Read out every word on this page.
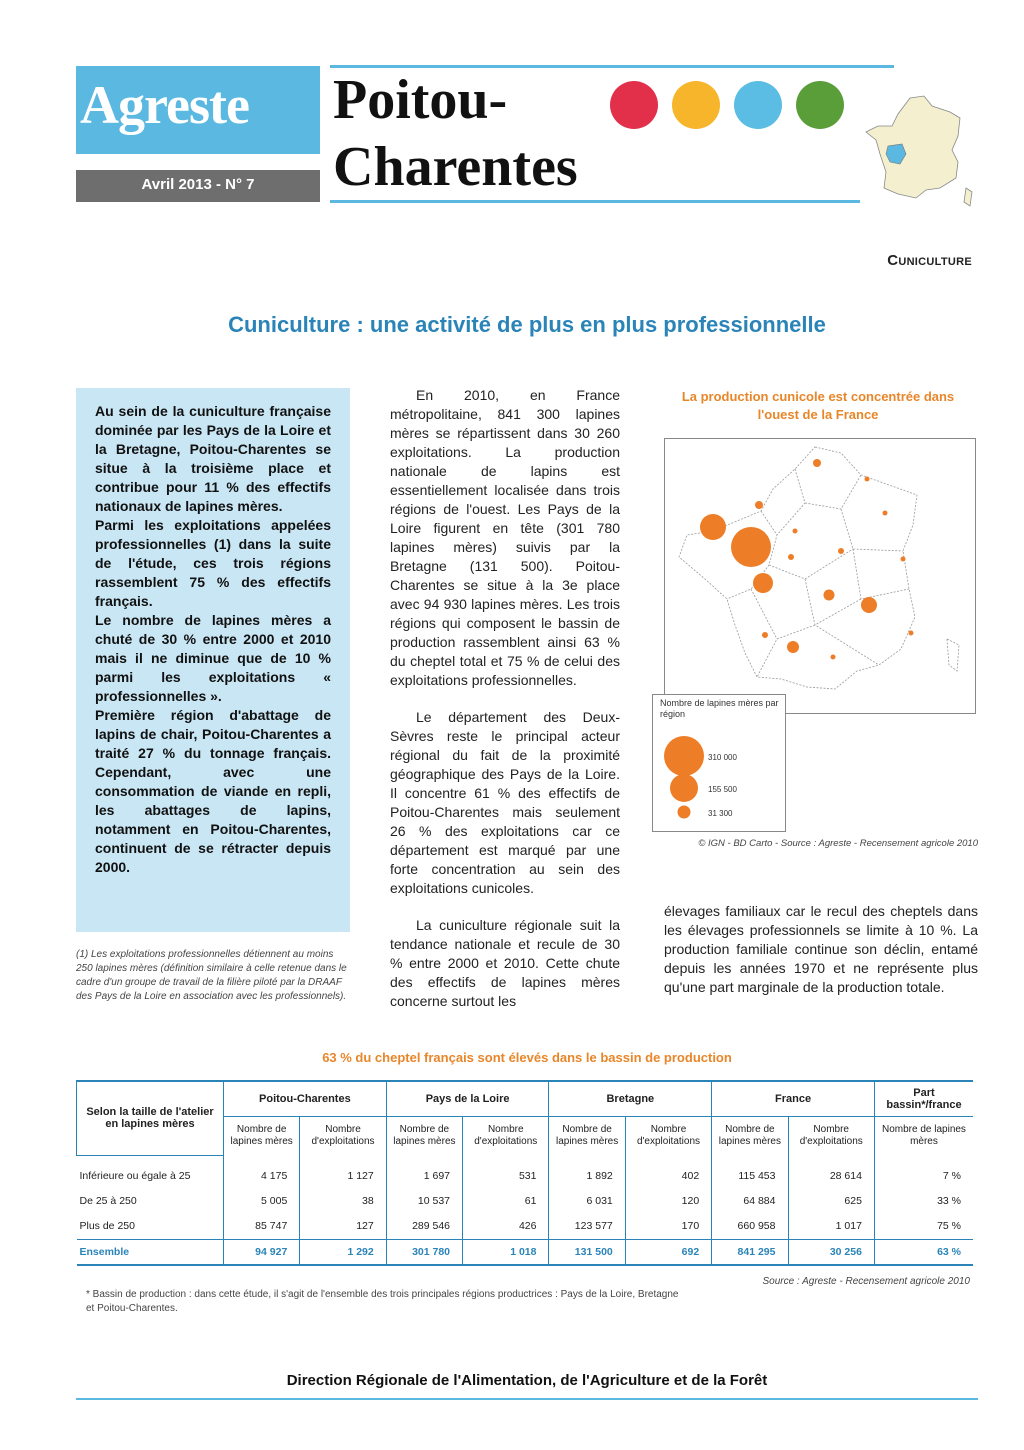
Agreste
Avril 2013 - N° 7
Poitou-
Charentes
Cuniculture
Cuniculture : une activité de plus en plus professionnelle

Au sein de la cuniculture française dominée par les Pays de la Loire et la Bretagne, Poitou-Charentes se situe à la troisième place et contribue pour 11 % des effectifs nationaux de lapines mères.

Parmi les exploitations appelées professionnelles (1) dans la suite de l'étude, ces trois régions rassemblent 75 % des effectifs français.

Le nombre de lapines mères a chuté de 30 % entre 2000 et 2010 mais il ne diminue que de 10 % parmi les exploitations « professionnelles ».

Première région d'abattage de lapins de chair, Poitou-Charentes a traité 27 % du tonnage français. Cependant, avec une consommation de viande en repli, les abattages de lapins, notamment en Poitou-Charentes, continuent de se rétracter depuis 2000.

(1) Les exploitations professionnelles détiennent au moins 250 lapines mères (définition similaire à celle retenue dans le cadre d'un groupe de travail de la filière piloté par la DRAAF des Pays de la Loire en association avec les professionnels).

En 2010, en France métropolitaine, 841 300 lapines mères se répartissent dans 30 260 exploitations. La production nationale de lapins est essentiellement localisée dans trois régions de l'ouest. Les Pays de la Loire figurent en tête (301 780 lapines mères) suivis par la Bretagne (131 500). Poitou-Charentes se situe à la 3e place avec 94 930 lapines mères. Les trois régions qui composent le bassin de production rassemblent ainsi 63 % du cheptel total et 75 % de celui des exploitations professionnelles.

Le département des Deux-Sèvres reste le principal acteur régional du fait de la proximité géographique des Pays de la Loire. Il concentre 61 % des effectifs de Poitou-Charentes mais seulement 26 % des exploitations car ce département est marqué par une forte concentration au sein des exploitations cunicoles.

La cuniculture régionale suit la tendance nationale et recule de 30 % entre 2000 et 2010. Cette chute des effectifs de lapines mères concerne surtout les

élevages familiaux car le recul des cheptels dans les élevages professionnels se limite à 10 %. La production familiale continue son déclin, entamé depuis les années 1970 et ne représente plus qu'une part marginale de la production totale.
La production cunicole est concentrée dans l'ouest de la France
Nombre de lapines mères par région
310 000
155 500
31 300
© IGN - BD Carto - Source : Agreste - Recensement agricole 2010
63 % du cheptel français sont élevés dans le bassin de production
Selon la taille de l'atelier en lapines mères	Poitou-Charentes		Pays de la Loire		Bretagne		France		Part bassin*/france
	Nombre de lapines mères	Nombre d'exploitations	Nombre de lapines mères	Nombre d'exploitations	Nombre de lapines mères	Nombre d'exploitations	Nombre de lapines mères	Nombre d'exploitations	Nombre de lapines mères
Inférieure ou égale à 25	4 175	1 127	1 697	531	1 892	402	115 453	28 614	7 %
De 25 à 250	5 005	38	10 537	61	6 031	120	64 884	625	33 %
Plus de 250	85 747	127	289 546	426	123 577	170	660 958	1 017	75 %
Ensemble	94 927	1 292	301 780	1 018	131 500	692	841 295	30 256	63 %
Source : Agreste - Recensement agricole 2010
* Bassin de production : dans cette étude, il s'agit de l'ensemble des trois principales régions productrices : Pays de la Loire, Bretagne et Poitou-Charentes.
Direction Régionale de l'Alimentation, de l'Agriculture et de la Forêt
